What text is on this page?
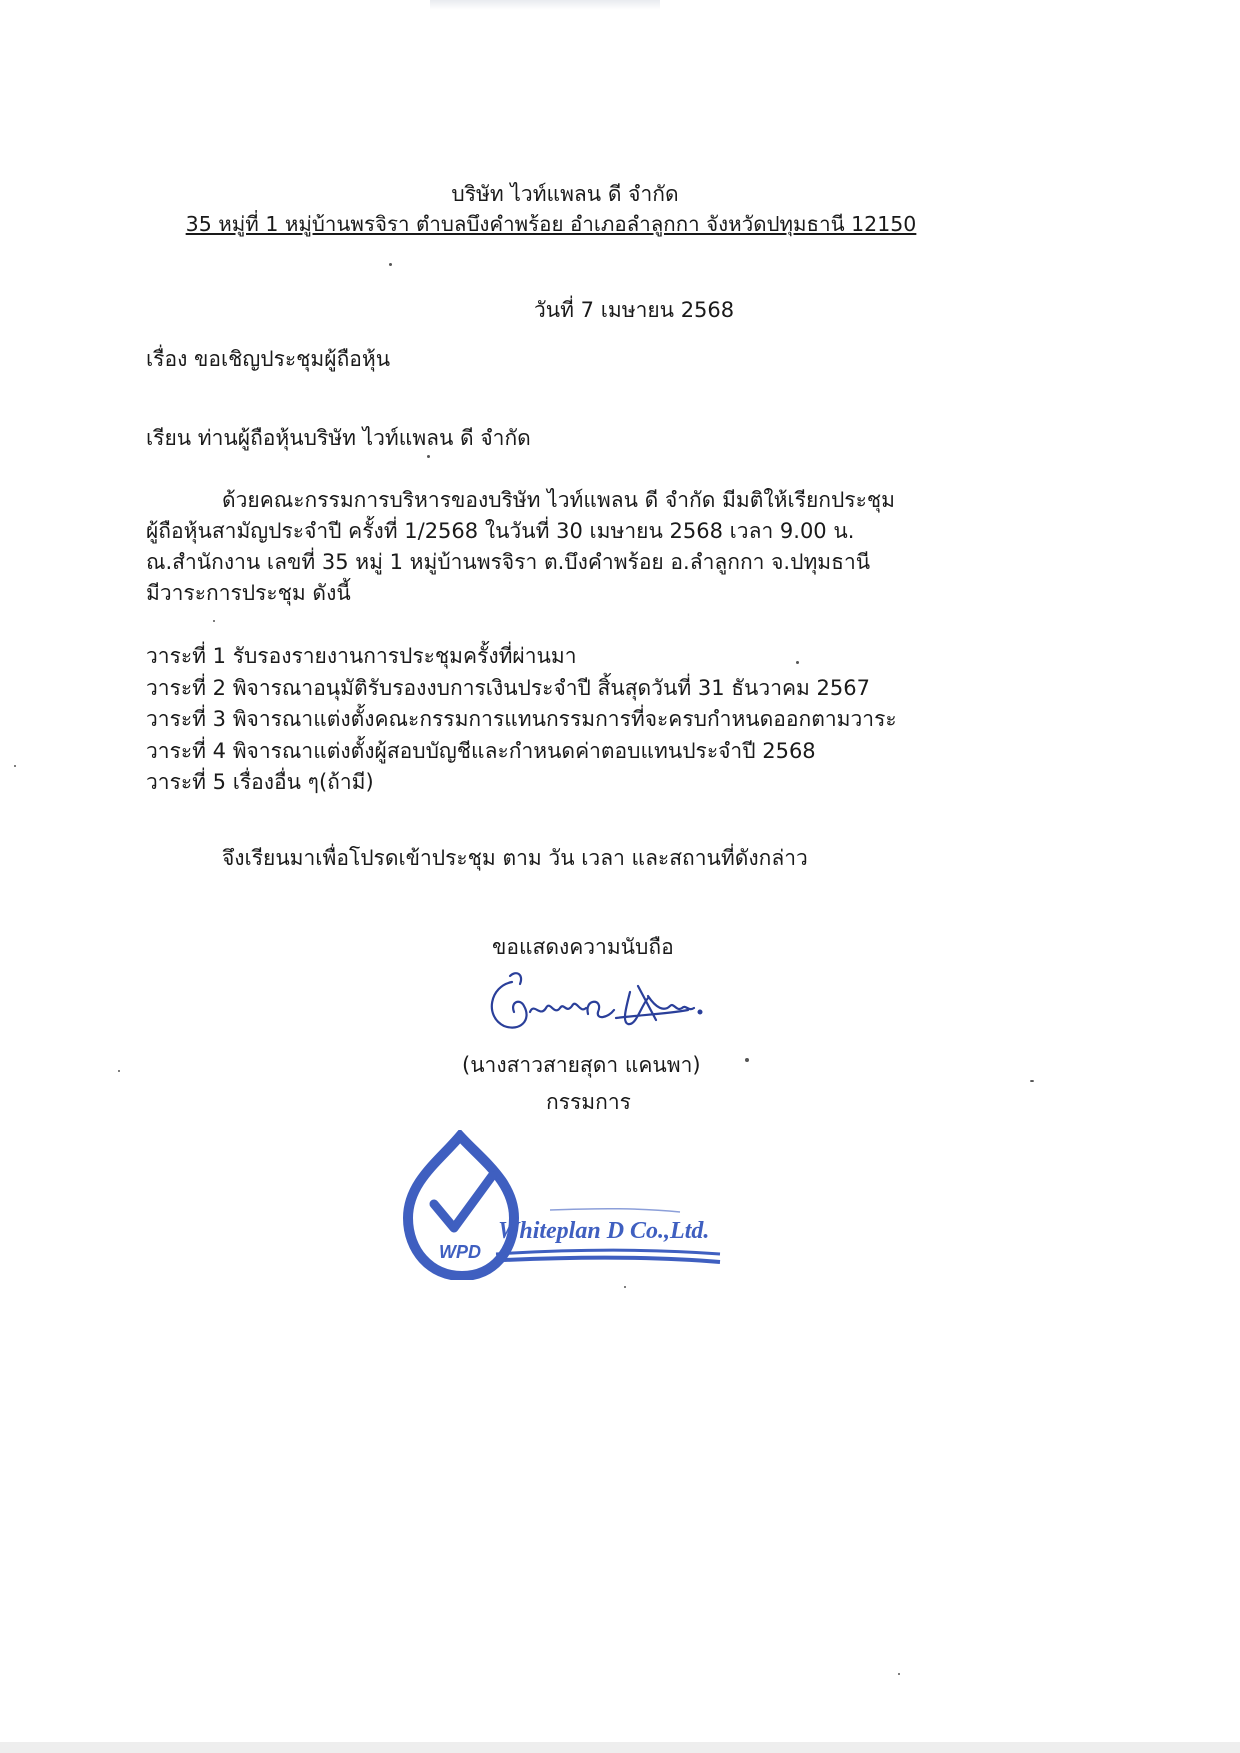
บริษัท ไวท์แพลน ดี จำกัด
35 หมู่ที่ 1 หมู่บ้านพรจิรา ตำบลบึงคำพร้อย อำเภอลำลูกกา จังหวัดปทุมธานี 12150
วันที่ 7 เมษายน 2568
เรื่อง ขอเชิญประชุมผู้ถือหุ้น
เรียน ท่านผู้ถือหุ้นบริษัท ไวท์แพลน ดี จำกัด
ด้วยคณะกรรมการบริหารของบริษัท ไวท์แพลน ดี จำกัด มีมติให้เรียกประชุม
ผู้ถือหุ้นสามัญประจำปี ครั้งที่ 1/2568 ในวันที่ 30 เมษายน 2568 เวลา 9.00 น.
ณ.สำนักงาน เลขที่ 35 หมู่ 1 หมู่บ้านพรจิรา ต.บึงคำพร้อย อ.ลำลูกกา จ.ปทุมธานี
มีวาระการประชุม ดังนี้
วาระที่ 1 รับรองรายงานการประชุมครั้งที่ผ่านมา
วาระที่ 2 พิจารณาอนุมัติรับรองงบการเงินประจำปี สิ้นสุดวันที่ 31 ธันวาคม 2567
วาระที่ 3 พิจารณาแต่งตั้งคณะกรรมการแทนกรรมการที่จะครบกำหนดออกตามวาระ
วาระที่ 4 พิจารณาแต่งตั้งผู้สอบบัญชีและกำหนดค่าตอบแทนประจำปี 2568
วาระที่ 5 เรื่องอื่น ๆ(ถ้ามี)
จึงเรียนมาเพื่อโปรดเข้าประชุม ตาม วัน เวลา และสถานที่ดังกล่าว
ขอแสดงความนับถือ
(นางสาวสายสุดา แคนพา)
กรรมการ
WPD
Whiteplan D Co.,Ltd.
